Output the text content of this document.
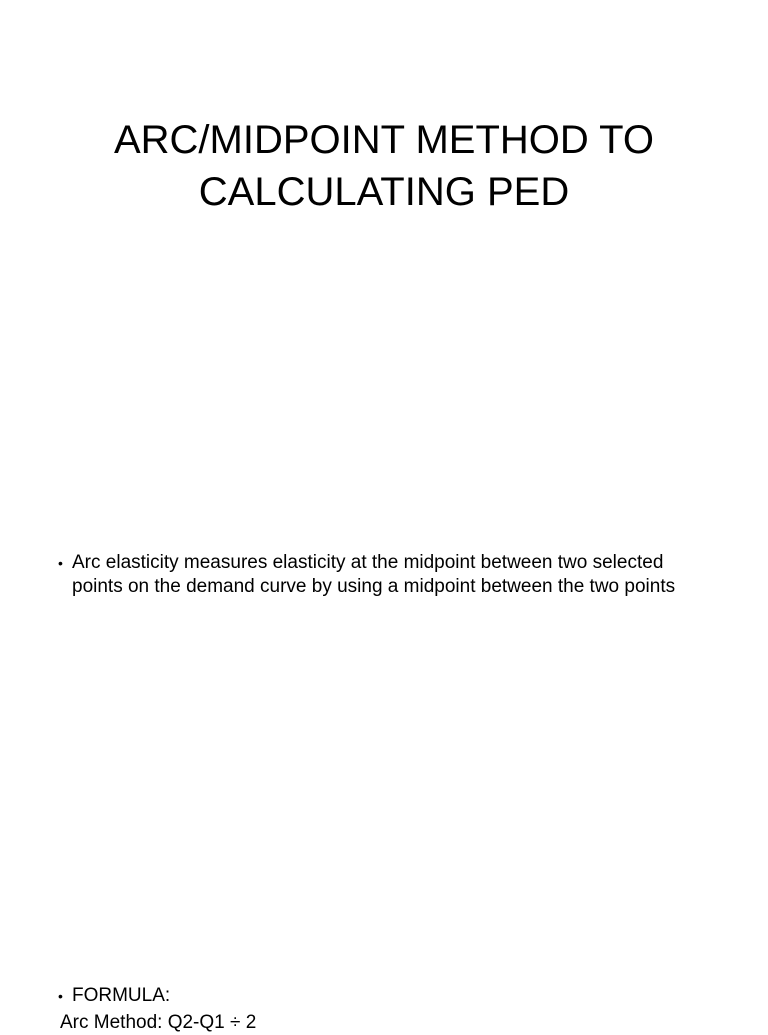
ARC/MIDPOINT METHOD TO
CALCULATING PED
• Arc elasticity measures elasticity at the midpoint between two selected points on the demand curve by using a midpoint between the two points
• FORMULA:
Arc Method: Q2-Q1 ÷ 2
